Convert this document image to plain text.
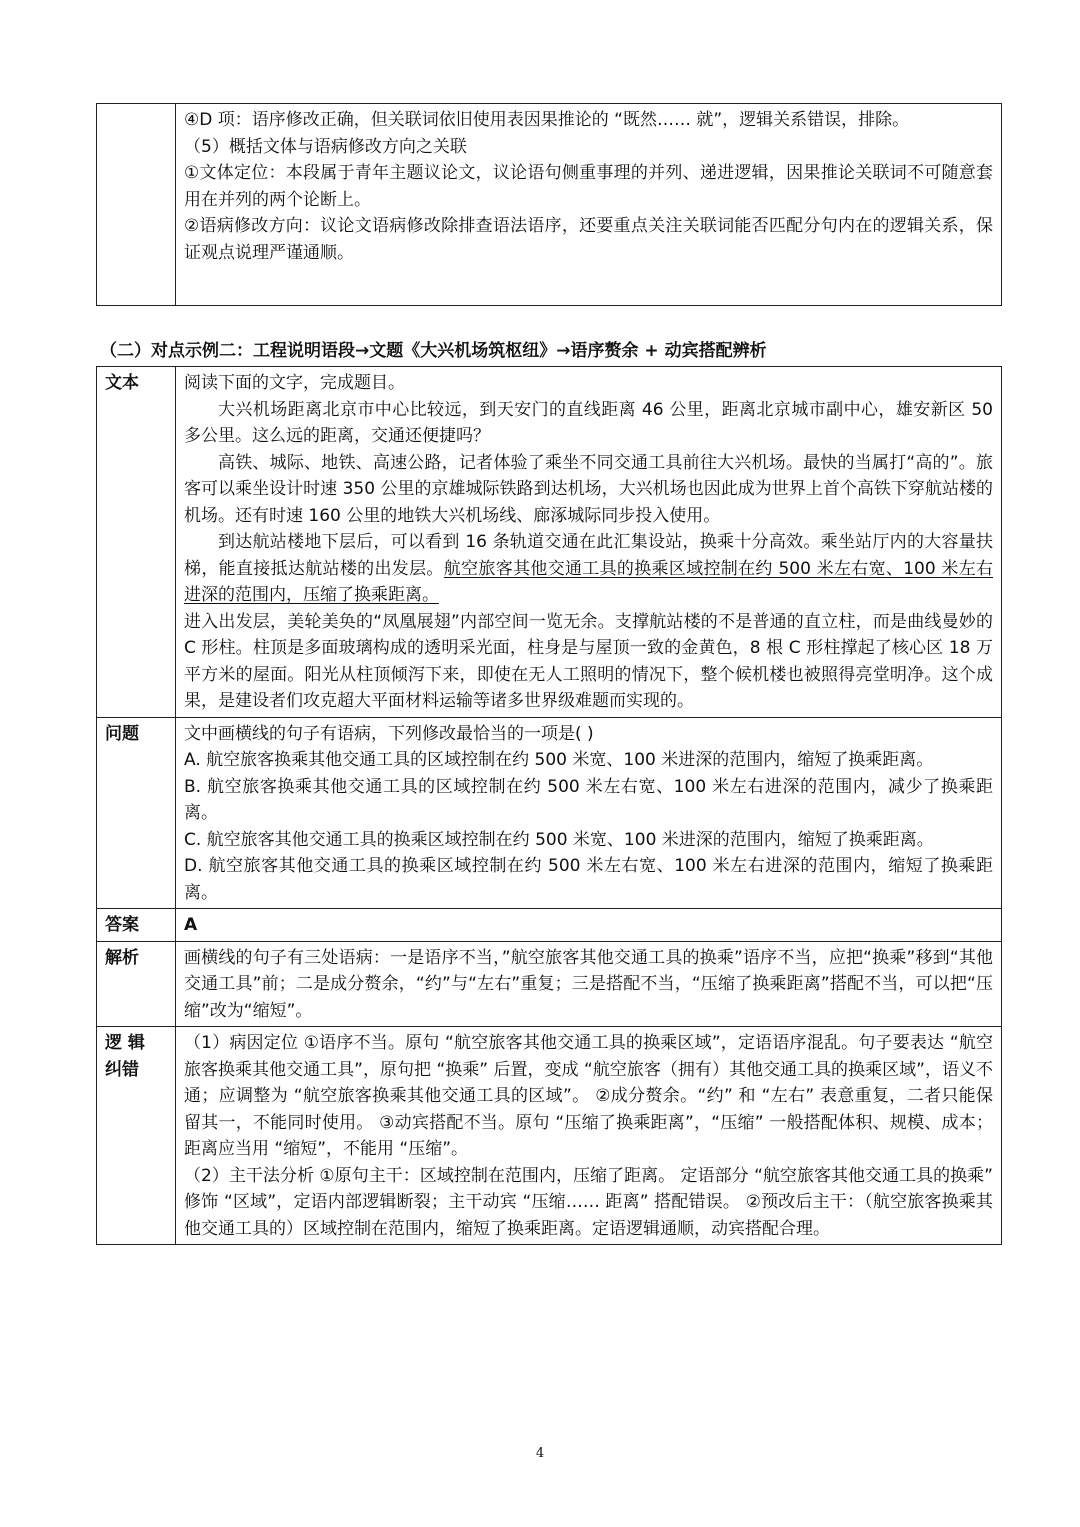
④D 项：语序修改正确，但关联词依旧使用表因果推论的 “既然…… 就”，逻辑关系错误，排除。

（5）概括文体与语病修改方向之关联

①文体定位：本段属于青年主题议论文，议论语句侧重事理的并列、递进逻辑，因果推论关联词不可随意套用在并列的两个论断上。

②语病修改方向：议论文语病修改除排查语法语序，还要重点关注关联词能否匹配分句内在的逻辑关系，保证观点说理严谨通顺。

（二）对点示例二：工程说明语段→文题《大兴机场筑枢纽》→语序赘余 + 动宾搭配辨析
文本	阅读下面的文字，完成题目。

大兴机场距离北京市中心比较远，到天安门的直线距离 46 公里，距离北京城市副中心，雄安新区 50 多公里。这么远的距离，交通还便捷吗？

高铁、城际、地铁、高速公路，记者体验了乘坐不同交通工具前往大兴机场。最快的当属打“高的”。旅客可以乘坐设计时速 350 公里的京雄城际铁路到达机场，大兴机场也因此成为世界上首个高铁下穿航站楼的机场。还有时速 160 公里的地铁大兴机场线、廊涿城际同步投入使用。

到达航站楼地下层后，可以看到 16 条轨道交通在此汇集设站，换乘十分高效。乘坐站厅内的大容量扶梯，能直接抵达航站楼的出发层。航空旅客其他交通工具的换乘区域控制在约 500 米左右宽、100 米左右进深的范围内，压缩了换乘距离。

进入出发层，美轮美奂的“凤凰展翅”内部空间一览无余。支撑航站楼的不是普通的直立柱，而是曲线曼妙的 C 形柱。柱顶是多面玻璃构成的透明采光面，柱身是与屋顶一致的金黄色，8 根 C 形柱撑起了核心区 18 万平方米的屋面。阳光从柱顶倾泻下来，即使在无人工照明的情况下，整个候机楼也被照得亮堂明净。这个成果，是建设者们攻克超大平面材料运输等诸多世界级难题而实现的。

问题	文中画横线的句子有语病，下列修改最恰当的一项是( )

A. 航空旅客换乘其他交通工具的区域控制在约 500 米宽、100 米进深的范围内，缩短了换乘距离。

B. 航空旅客换乘其他交通工具的区域控制在约 500 米左右宽、100 米左右进深的范围内，减少了换乘距离。

C. 航空旅客其他交通工具的换乘区域控制在约 500 米宽、100 米进深的范围内，缩短了换乘距离。

D. 航空旅客其他交通工具的换乘区域控制在约 500 米左右宽、100 米左右进深的范围内，缩短了换乘距离。

答案	A
解析	画横线的句子有三处语病：一是语序不当，”航空旅客其他交通工具的换乘”语序不当，应把“换乘”移到“其他交通工具”前；二是成分赘余，“约”与“左右”重复；三是搭配不当，“压缩了换乘距离”搭配不当，可以把“压缩”改为“缩短”。

逻 辑 纠错	（1）病因定位 ①语序不当。原句 “航空旅客其他交通工具的换乘区域”，定语语序混乱。句子要表达 “航空旅客换乘其他交通工具”，原句把 “换乘” 后置，变成 “航空旅客（拥有）其他交通工具的换乘区域”，语义不通；应调整为 “航空旅客换乘其他交通工具的区域”。 ②成分赘余。“约” 和 “左右” 表意重复，二者只能保留其一，不能同时使用。 ③动宾搭配不当。原句 “压缩了换乘距离”，“压缩” 一般搭配体积、规模、成本；距离应当用 “缩短”，不能用 “压缩”。

（2）主干法分析 ①原句主干：区域控制在范围内，压缩了距离。 定语部分 “航空旅客其他交通工具的换乘” 修饰 “区域”，定语内部逻辑断裂；主干动宾 “压缩…… 距离” 搭配错误。 ②预改后主干：（航空旅客换乘其他交通工具的）区域控制在范围内，缩短了换乘距离。定语逻辑通顺，动宾搭配合理。

4
